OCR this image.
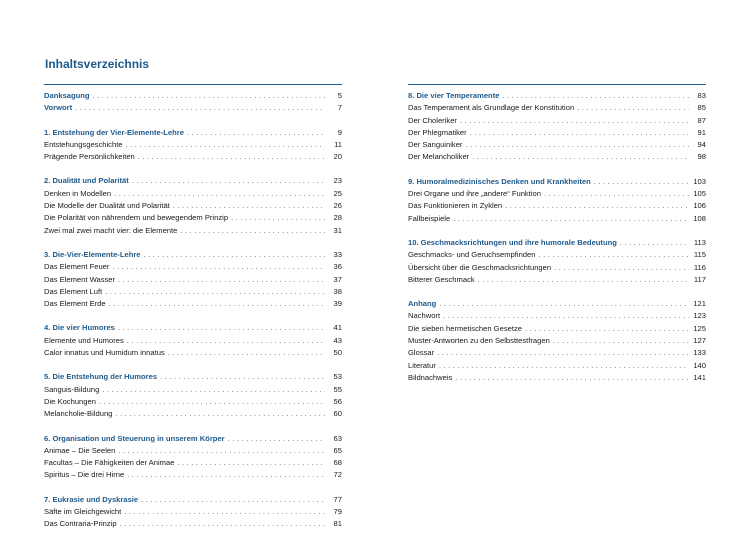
Inhaltsverzeichnis
Danksagung . . .	5
Vorwort . . .	7
1. Entstehung der Vier-Elemente-Lehre . . .	9
Entstehungsgeschichte . . .	11
Prägende Persönlichkeiten . . .	20
2. Dualität und Polarität . . .	23
Denken in Modellen . . .	25
Die Modelle der Dualität und Polarität . . .	26
Die Polarität von nährendem und bewegendem Prinzip . . .	28
Zwei mal zwei macht vier: die Elemente . . .	31
3. Die-Vier-Elemente-Lehre . . .	33
Das Element Feuer . . .	36
Das Element Wasser . . .	37
Das Element Luft . . .	38
Das Element Erde . . .	39
4. Die vier Humores . . .	41
Elemente und Humores . . .	43
Calor innatus und Humidum innatus . . .	50
5. Die Entstehung der Humores . . .	53
Sanguis-Bildung . . .	55
Die Kochungen . . .	56
Melancholie-Bildung . . .	60
6. Organisation und Steuerung in unserem Körper . . .	63
Animae – Die Seelen . . .	65
Facultas – Die Fähigkeiten der Animae . . .	68
Spiritus – Die drei Hirne . . .	72
7. Eukrasie und Dyskrasie . . .	77
Säfte im Gleichgewicht . . .	79
Das Contraria-Prinzip . . .	81
8. Die vier Temperamente . . .	83
Das Temperament als Grundlage der Konstitution . . .	85
Der Choleriker . . .	87
Der Phlegmatiker . . .	91
Der Sanguiniker . . .	94
Der Melancholiker . . .	98
9. Humoralmedizinisches Denken und Krankheiten . . .	103
Drei Organe und ihre „andere“ Funktion . . .	105
Das Funktionieren in Zyklen . . .	106
Fallbeispiele . . .	108
10. Geschmacksrichtungen und ihre humorale Bedeutung . . .	113
Geschmacks- und Geruchsempfinden . . .	115
Übersicht über die Geschmacksrichtungen . . .	116
Bitterer Geschmack . . .	117
Anhang . . .	121
Nachwort . . .	123
Die sieben hermetischen Gesetze . . .	125
Muster-Antworten zu den Selbsttestfragen . . .	127
Glossar . . .	133
Literatur . . .	140
Bildnachweis . . .	141
